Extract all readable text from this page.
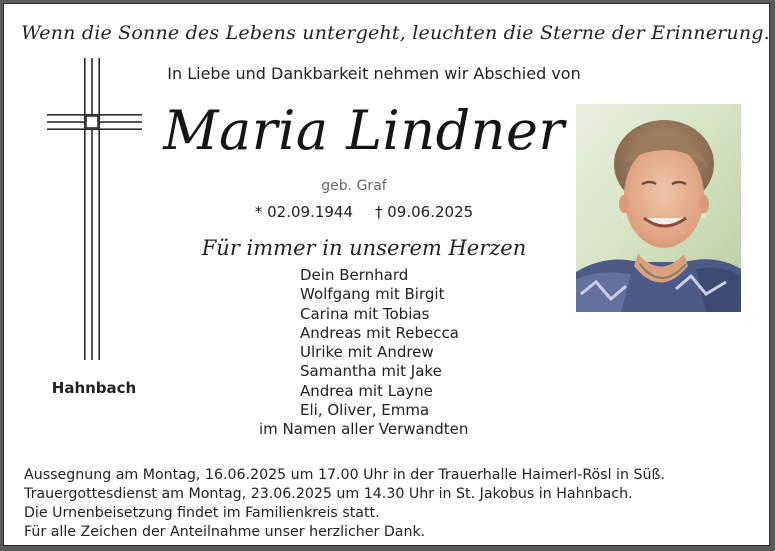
Wenn die Sonne des Lebens untergeht, leuchten die Sterne der Erinnerung.
In Liebe und Dankbarkeit nehmen wir Abschied von
Maria Lindner
geb. Graf
* 02.09.1944 † 09.06.2025
Für immer in unserem Herzen
Dein Bernhard
Wolfgang mit Birgit
Carina mit Tobias
Andreas mit Rebecca
Ulrike mit Andrew
Samantha mit Jake
Andrea mit Layne
Eli, Oliver, Emma
im Namen aller Verwandten
Hahnbach
Aussegnung am Montag, 16.06.2025 um 17.00 Uhr in der Trauerhalle Haimerl-Rösl in Süß.
Trauergottesdienst am Montag, 23.06.2025 um 14.30 Uhr in St. Jakobus in Hahnbach.
Die Urnenbeisetzung findet im Familienkreis statt.
Für alle Zeichen der Anteilnahme unser herzlicher Dank.
